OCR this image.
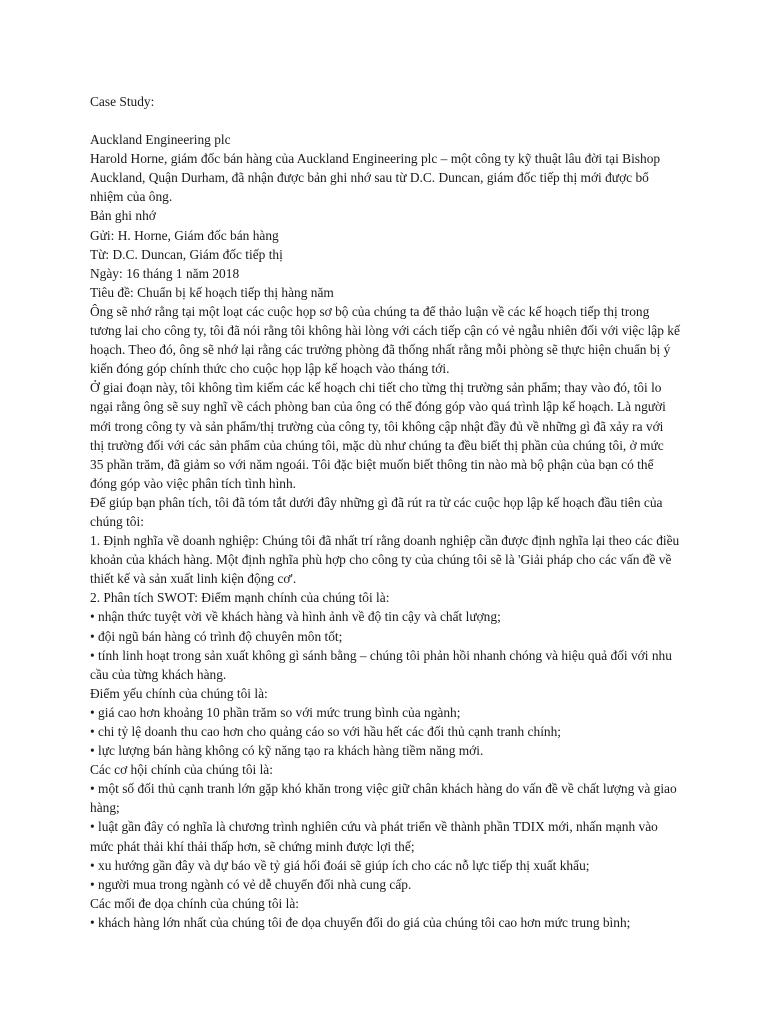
Case Study:

Auckland Engineering plc

Harold Horne, giám đốc bán hàng của Auckland Engineering plc – một công ty kỹ thuật lâu đời tại Bishop Auckland, Quận Durham, đã nhận được bản ghi nhớ sau từ D.C. Duncan, giám đốc tiếp thị mới được bổ nhiệm của ông.

Bản ghi nhớ

Gửi: H. Horne, Giám đốc bán hàng

Từ: D.C. Duncan, Giám đốc tiếp thị

Ngày: 16 tháng 1 năm 2018

Tiêu đề: Chuẩn bị kế hoạch tiếp thị hàng năm

Ông sẽ nhớ rằng tại một loạt các cuộc họp sơ bộ của chúng ta để thảo luận về các kế hoạch tiếp thị trong tương lai cho công ty, tôi đã nói rằng tôi không hài lòng với cách tiếp cận có vẻ ngẫu nhiên đối với việc lập kế hoạch. Theo đó, ông sẽ nhớ lại rằng các trưởng phòng đã thống nhất rằng mỗi phòng sẽ thực hiện chuẩn bị ý kiến đóng góp chính thức cho cuộc họp lập kế hoạch vào tháng tới.

Ở giai đoạn này, tôi không tìm kiếm các kế hoạch chi tiết cho từng thị trường sản phẩm; thay vào đó, tôi lo ngại rằng ông sẽ suy nghĩ về cách phòng ban của ông có thể đóng góp vào quá trình lập kế hoạch. Là người mới trong công ty và sản phẩm/thị trường của công ty, tôi không cập nhật đầy đủ về những gì đã xảy ra với thị trường đối với các sản phẩm của chúng tôi, mặc dù như chúng ta đều biết thị phần của chúng tôi, ở mức 35 phần trăm, đã giảm so với năm ngoái. Tôi đặc biệt muốn biết thông tin nào mà bộ phận của bạn có thể đóng góp vào việc phân tích tình hình.

Để giúp bạn phân tích, tôi đã tóm tắt dưới đây những gì đã rút ra từ các cuộc họp lập kế hoạch đầu tiên của chúng tôi:

1. Định nghĩa về doanh nghiệp: Chúng tôi đã nhất trí rằng doanh nghiệp cần được định nghĩa lại theo các điều khoản của khách hàng. Một định nghĩa phù hợp cho công ty của chúng tôi sẽ là 'Giải pháp cho các vấn đề về thiết kế và sản xuất linh kiện động cơ'.

2. Phân tích SWOT: Điểm mạnh chính của chúng tôi là:

• nhận thức tuyệt vời về khách hàng và hình ảnh về độ tin cậy và chất lượng;

• đội ngũ bán hàng có trình độ chuyên môn tốt;

• tính linh hoạt trong sản xuất không gì sánh bằng – chúng tôi phản hồi nhanh chóng và hiệu quả đối với nhu cầu của từng khách hàng.

Điểm yếu chính của chúng tôi là:

• giá cao hơn khoảng 10 phần trăm so với mức trung bình của ngành;

• chi tỷ lệ doanh thu cao hơn cho quảng cáo so với hầu hết các đối thủ cạnh tranh chính;

• lực lượng bán hàng không có kỹ năng tạo ra khách hàng tiềm năng mới.

Các cơ hội chính của chúng tôi là:

• một số đối thủ cạnh tranh lớn gặp khó khăn trong việc giữ chân khách hàng do vấn đề về chất lượng và giao hàng;

• luật gần đây có nghĩa là chương trình nghiên cứu và phát triển về thành phần TDIX mới, nhấn mạnh vào mức phát thải khí thải thấp hơn, sẽ chứng minh được lợi thế;

• xu hướng gần đây và dự báo về tỷ giá hối đoái sẽ giúp ích cho các nỗ lực tiếp thị xuất khẩu;

• người mua trong ngành có vẻ dễ chuyển đổi nhà cung cấp.

Các mối đe dọa chính của chúng tôi là:

• khách hàng lớn nhất của chúng tôi đe dọa chuyển đổi do giá của chúng tôi cao hơn mức trung bình;
